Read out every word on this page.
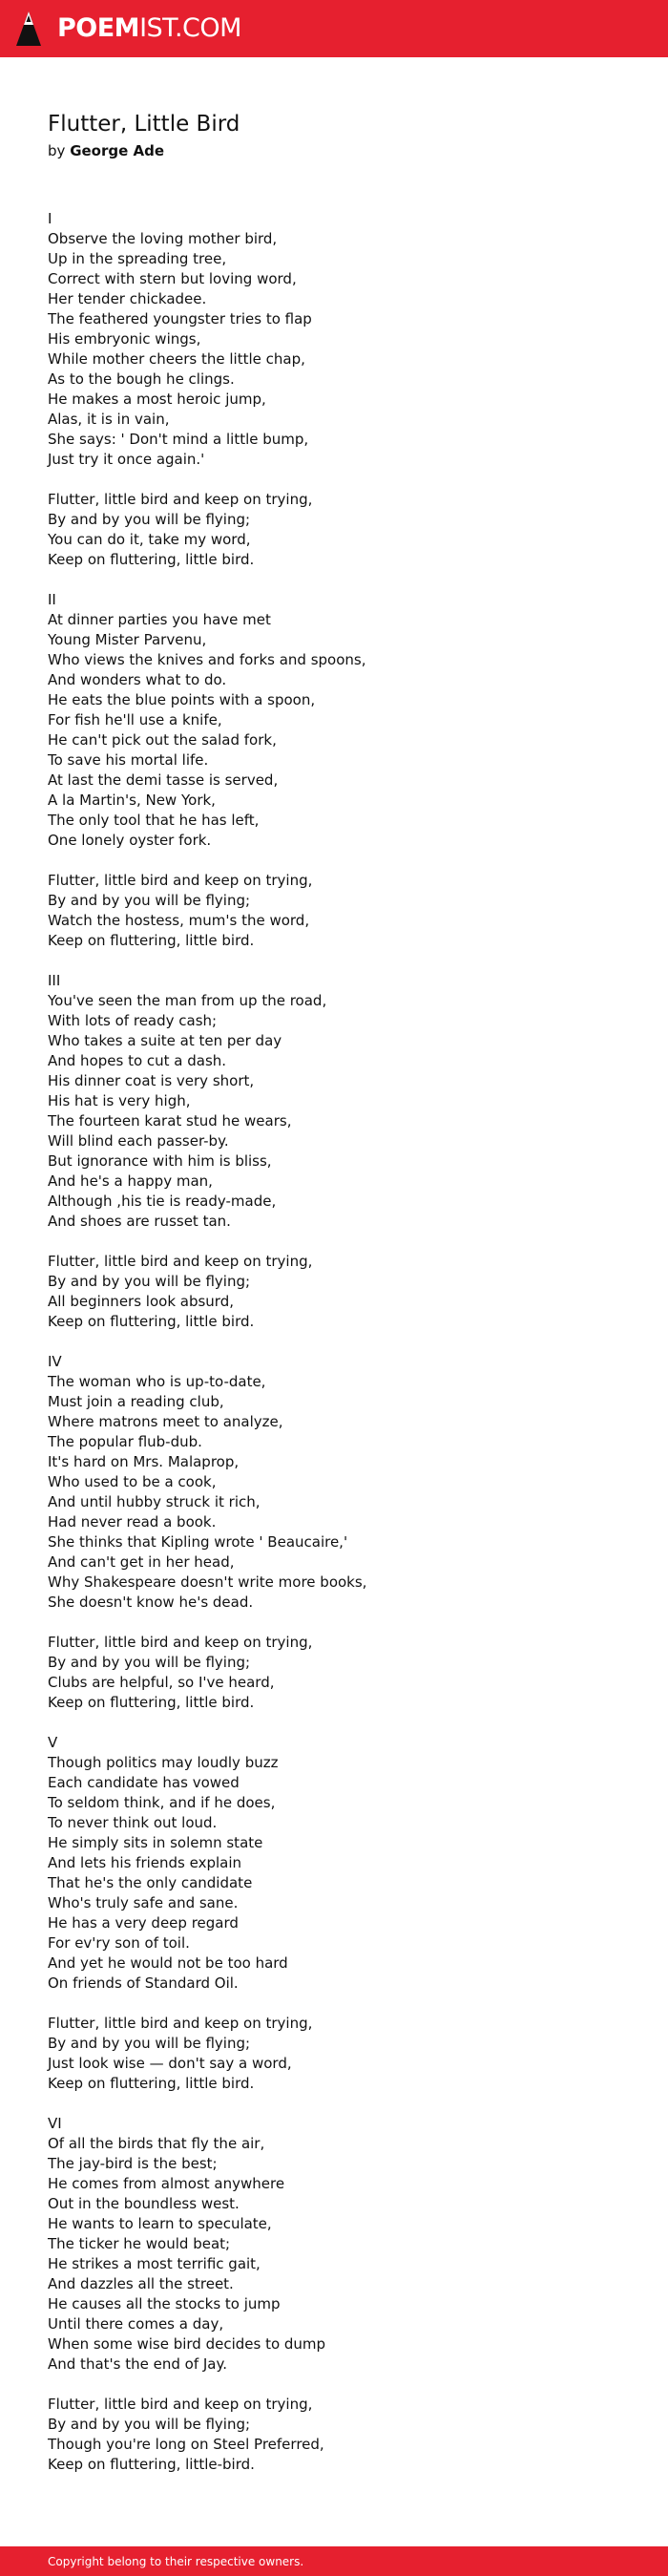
POEMIST.COM
Flutter, Little Bird
by George Ade
I
Observe the loving mother bird,
Up in the spreading tree,
Correct with stern but loving word,
Her tender chickadee.
The feathered youngster tries to flap
His embryonic wings,
While mother cheers the little chap,
As to the bough he clings.
He makes a most heroic jump,
Alas, it is in vain,
She says: ' Don't mind a little bump,
Just try it once again.'
Flutter, little bird and keep on trying,
By and by you will be flying;
You can do it, take my word,
Keep on fluttering, little bird.
II
At dinner parties you have met
Young Mister Parvenu,
Who views the knives and forks and spoons,
And wonders what to do.
He eats the blue points with a spoon,
For fish he'll use a knife,
He can't pick out the salad fork,
To save his mortal life.
At last the demi tasse is served,
A la Martin's, New York,
The only tool that he has left,
One lonely oyster fork.
Flutter, little bird and keep on trying,
By and by you will be flying;
Watch the hostess, mum's the word,
Keep on fluttering, little bird.
III
You've seen the man from up the road,
With lots of ready cash;
Who takes a suite at ten per day
And hopes to cut a dash.
His dinner coat is very short,
His hat is very high,
The fourteen karat stud he wears,
Will blind each passer-by.
But ignorance with him is bliss,
And he's a happy man,
Although ,his tie is ready-made,
And shoes are russet tan.
Flutter, little bird and keep on trying,
By and by you will be flying;
All beginners look absurd,
Keep on fluttering, little bird.
IV
The woman who is up-to-date,
Must join a reading club,
Where matrons meet to analyze,
The popular flub-dub.
It's hard on Mrs. Malaprop,
Who used to be a cook,
And until hubby struck it rich,
Had never read a book.
She thinks that Kipling wrote ' Beaucaire,'
And can't get in her head,
Why Shakespeare doesn't write more books,
She doesn't know he's dead.
Flutter, little bird and keep on trying,
By and by you will be flying;
Clubs are helpful, so I've heard,
Keep on fluttering, little bird.
V
Though politics may loudly buzz
Each candidate has vowed
To seldom think, and if he does,
To never think out loud.
He simply sits in solemn state
And lets his friends explain
That he's the only candidate
Who's truly safe and sane.
He has a very deep regard
For ev'ry son of toil.
And yet he would not be too hard
On friends of Standard Oil.
Flutter, little bird and keep on trying,
By and by you will be flying;
Just look wise — don't say a word,
Keep on fluttering, little bird.
VI
Of all the birds that fly the air,
The jay-bird is the best;
He comes from almost anywhere
Out in the boundless west.
He wants to learn to speculate,
The ticker he would beat;
He strikes a most terrific gait,
And dazzles all the street.
He causes all the stocks to jump
Until there comes a day,
When some wise bird decides to dump
And that's the end of Jay.
Flutter, little bird and keep on trying,
By and by you will be flying;
Though you're long on Steel Preferred,
Keep on fluttering, little-bird.
Copyright belong to their respective owners.
